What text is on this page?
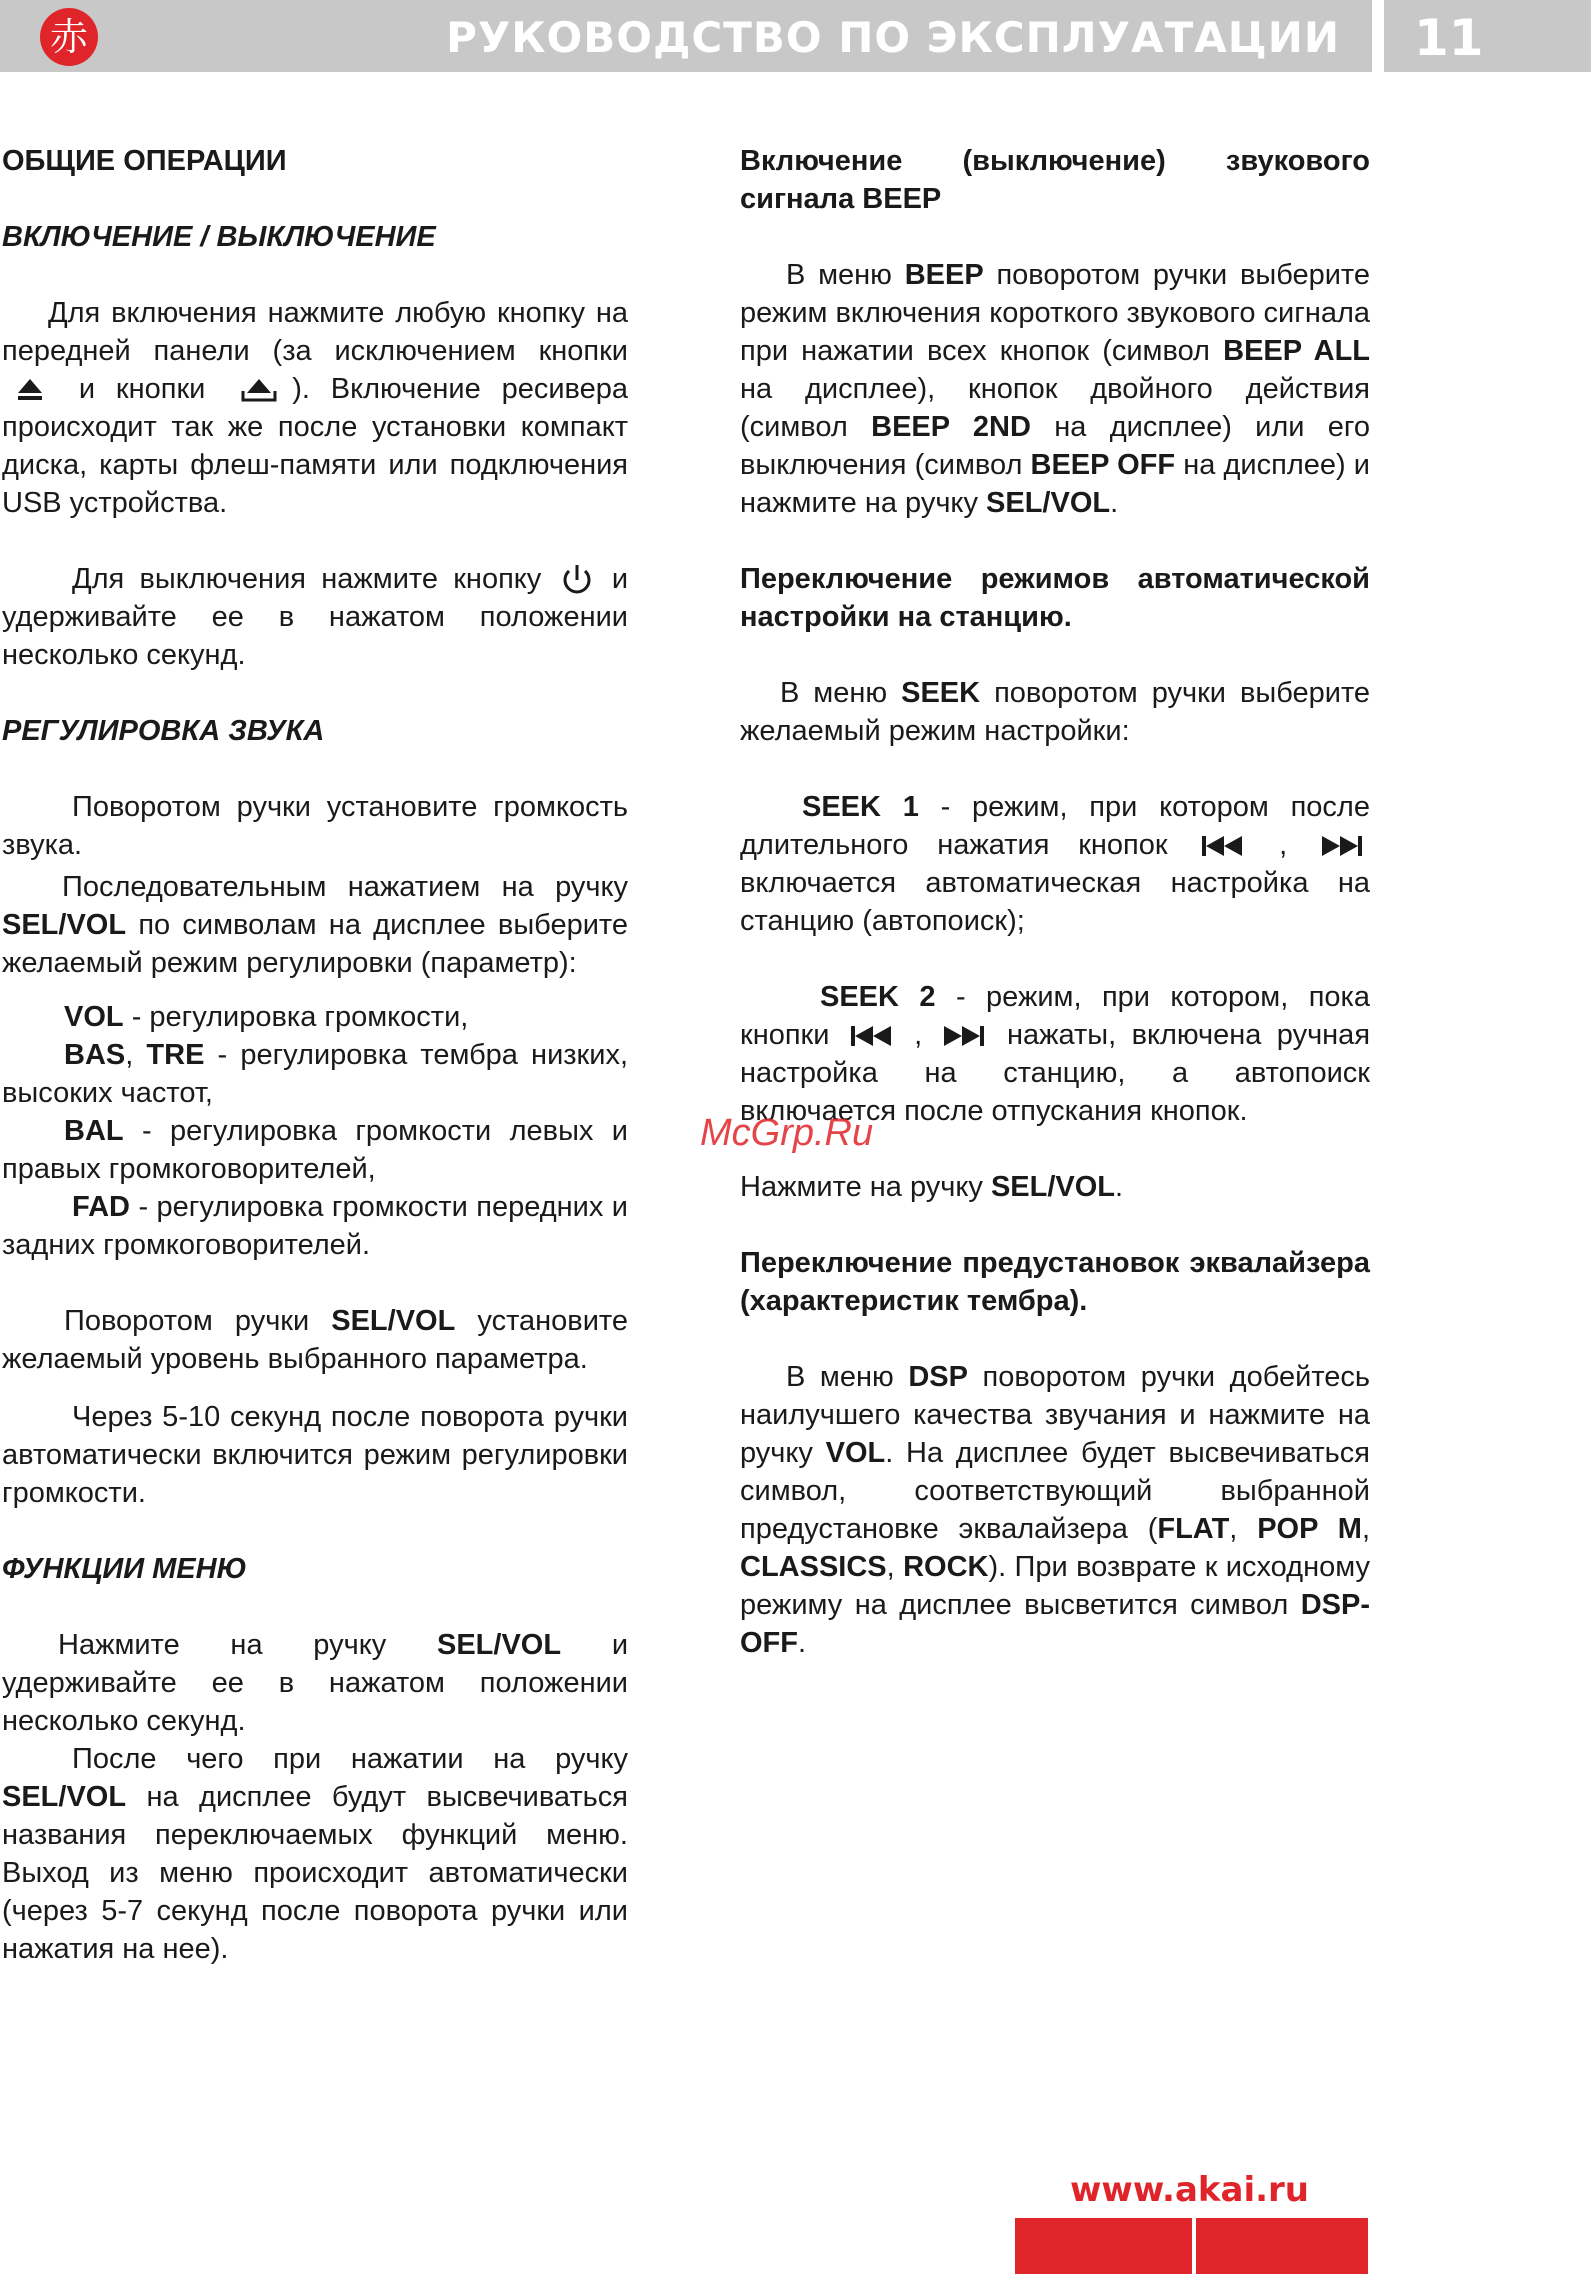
赤	РУКОВОДСТВО ПО ЭКСПЛУАТАЦИИ	11

ОБЩИЕ ОПЕРАЦИИ

ВКЛЮЧЕНИЕ / ВЫКЛЮЧЕНИЕ

Для включения нажмите любую кнопку на передней панели (за исключением кнопки  и кнопки	). Включение ресивера происходит так же после установки компакт диска, карты флеш-памяти или подключения USB устройства.

Для выключения нажмите кнопку и удерживайте ее в нажатом положении несколько секунд.

РЕГУЛИРОВКА ЗВУКА

Поворотом ручки установите громкость звука.

Последовательным нажатием на ручку SEL/VOL по символам на дисплее выберите желаемый режим регулировки (параметр):

VOL - регулировка громкости,

BAS, TRE - регулировка тембра низких, высоких частот,

BAL - регулировка громкости левых и правых громкоговорителей,

FAD - регулировка громкости передних и задних громкоговорителей.

Поворотом ручки SEL/VOL установите желаемый уровень выбранного параметра.

Через 5-10 секунд после поворота ручки автоматически включится режим регулировки громкости.

ФУНКЦИИ МЕНЮ

Нажмите на ручку SEL/VOL и удерживайте ее в нажатом положении несколько секунд.

После чего при нажатии на ручку SEL/VOL на дисплее будут высвечиваться названия переключаемых функций меню. Выход из меню происходит автоматически (через 5-7 секунд после поворота ручки или нажатия на нее).

Включение (выключение) звукового сигнала BEEP

В меню BEEP поворотом ручки выберите режим включения короткого звукового сигнала при нажатии всех кнопок (символ BEEP ALL на дисплее), кнопок двойного действия (символ BEEP 2ND на дисплее) или его выключения (символ BEEP OFF на дисплее) и нажмите на ручку SEL/VOL.

Переключение режимов автоматической настройки на станцию.

В меню SEEK поворотом ручки выберите желаемый режим настройки:

SEEK 1 - режим, при котором после длительного нажатия кнопок	,  включается автоматическая настройка на станцию (автопоиск);

SEEK 2 - режим, при котором, пока кнопки	,	нажаты, включена ручная настройка на станцию, а автопоиск включается после отпускания кнопок.

Нажмите на ручку SEL/VOL.

Переключение предустановок эквалайзера (характеристик тембра).

В меню DSP поворотом ручки добейтесь наилучшего качества звучания и нажмите на ручку VOL. На дисплее будет высвечиваться символ, соответствующий выбранной предустановке эквалайзера (FLAT, POP M, CLASSICS, ROCK). При возврате к исходному режиму на дисплее высветится символ DSP-OFF.

McGrp.Ru
www.akai.ru
